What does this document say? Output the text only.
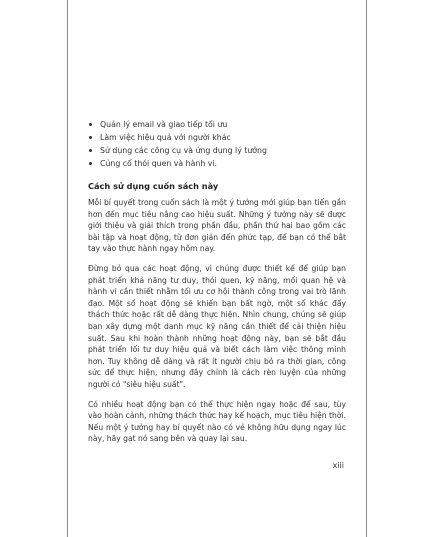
Quản lý email và giao tiếp tối ưu
Làm việc hiệu quả với người khác
Sử dụng các công cụ và ứng dụng lý tưởng
Củng cố thói quen và hành vi.
Cách sử dụng cuốn sách này

Mỗi bí quyết trong cuốn sách là một ý tưởng mới giúp bạn tiến gần hơn đến mục tiêu nâng cao hiệu suất. Những ý tưởng này sẽ được giới thiệu và giải thích trong phần đầu, phần thứ hai bao gồm các bài tập và hoạt động, từ đơn giản đến phức tạp, để bạn có thể bắt tay vào thực hành ngay hôm nay.

Đừng bỏ qua các hoạt động, vì chúng được thiết kế để giúp bạn phát triển khả năng tư duy, thói quen, kỹ năng, mối quan hệ và hành vi cần thiết nhằm tối ưu cơ hội thành công trong vai trò lãnh đạo. Một số hoạt động sẽ khiến bạn bất ngờ, một số khác đẩy thách thức hoặc rất dễ dàng thực hiện. Nhìn chung, chúng sẽ giúp bạn xây dựng một danh mục kỹ năng cần thiết để cải thiện hiệu suất. Sau khi hoàn thành những hoạt động này, bạn sẽ bắt đầu phát triển lối tư duy hiệu quả và biết cách làm việc thông minh hơn. Tuy không dễ dàng và rất ít người chịu bỏ ra thời gian, công sức để thực hiện, nhưng đây chính là cách rèn luyện của những người có "siêu hiệu suất".

Có nhiều hoạt động bạn có thể thực hiện ngay hoặc để sau, tùy vào hoàn cảnh, những thách thức hay kế hoạch, mục tiêu hiện thời. Nếu một ý tưởng hay bí quyết nào có vẻ không hữu dụng ngay lúc này, hãy gạt nó sang bên và quay lại sau.

xiii
